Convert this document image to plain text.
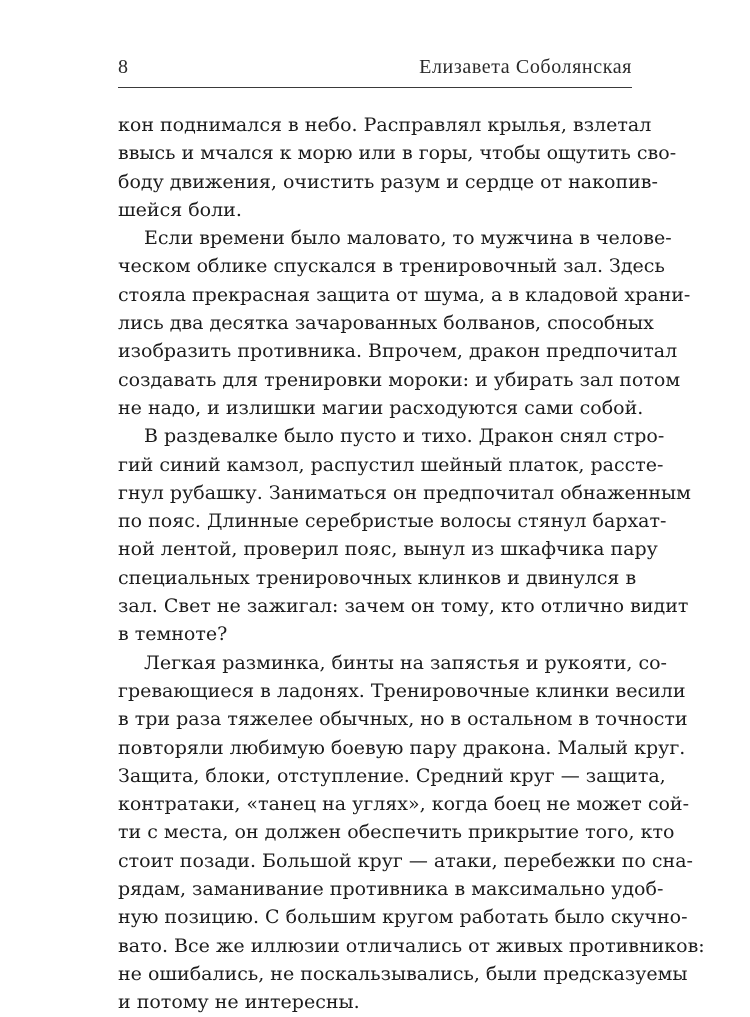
8	Елизавета Соболянская
кон поднимался в небо. Расправлял крылья, взлетал
ввысь и мчался к морю или в горы, чтобы ощутить сво-
боду движения, очистить разум и сердце от накопив-
шейся боли.
Если времени было маловато, то мужчина в челове-
ческом облике спускался в тренировочный зал. Здесь
стояла прекрасная защита от шума, а в кладовой храни-
лись два десятка зачарованных болванов, способных
изобразить противника. Впрочем, дракон предпочитал
создавать для тренировки мороки: и убирать зал потом
не надо, и излишки магии расходуются сами собой.
В раздевалке было пусто и тихо. Дракон снял стро-
гий синий камзол, распустил шейный платок, рассте-
гнул рубашку. Заниматься он предпочитал обнаженным
по пояс. Длинные серебристые волосы стянул бархат-
ной лентой, проверил пояс, вынул из шкафчика пару
специальных тренировочных клинков и двинулся в
зал. Свет не зажигал: зачем он тому, кто отлично видит
в темноте?
Легкая разминка, бинты на запястья и рукояти, со-
гревающиеся в ладонях. Тренировочные клинки весили
в три раза тяжелее обычных, но в остальном в точности
повторяли любимую боевую пару дракона. Малый круг.
Защита, блоки, отступление. Средний круг — защита,
контратаки, «танец на углях», когда боец не может сой-
ти с места, он должен обеспечить прикрытие того, кто
стоит позади. Большой круг — атаки, перебежки по сна-
рядам, заманивание противника в максимально удоб-
ную позицию. С большим кругом работать было скучно-
вато. Все же иллюзии отличались от живых противников:
не ошибались, не поскальзывались, были предсказуемы
и потому не интересны.
